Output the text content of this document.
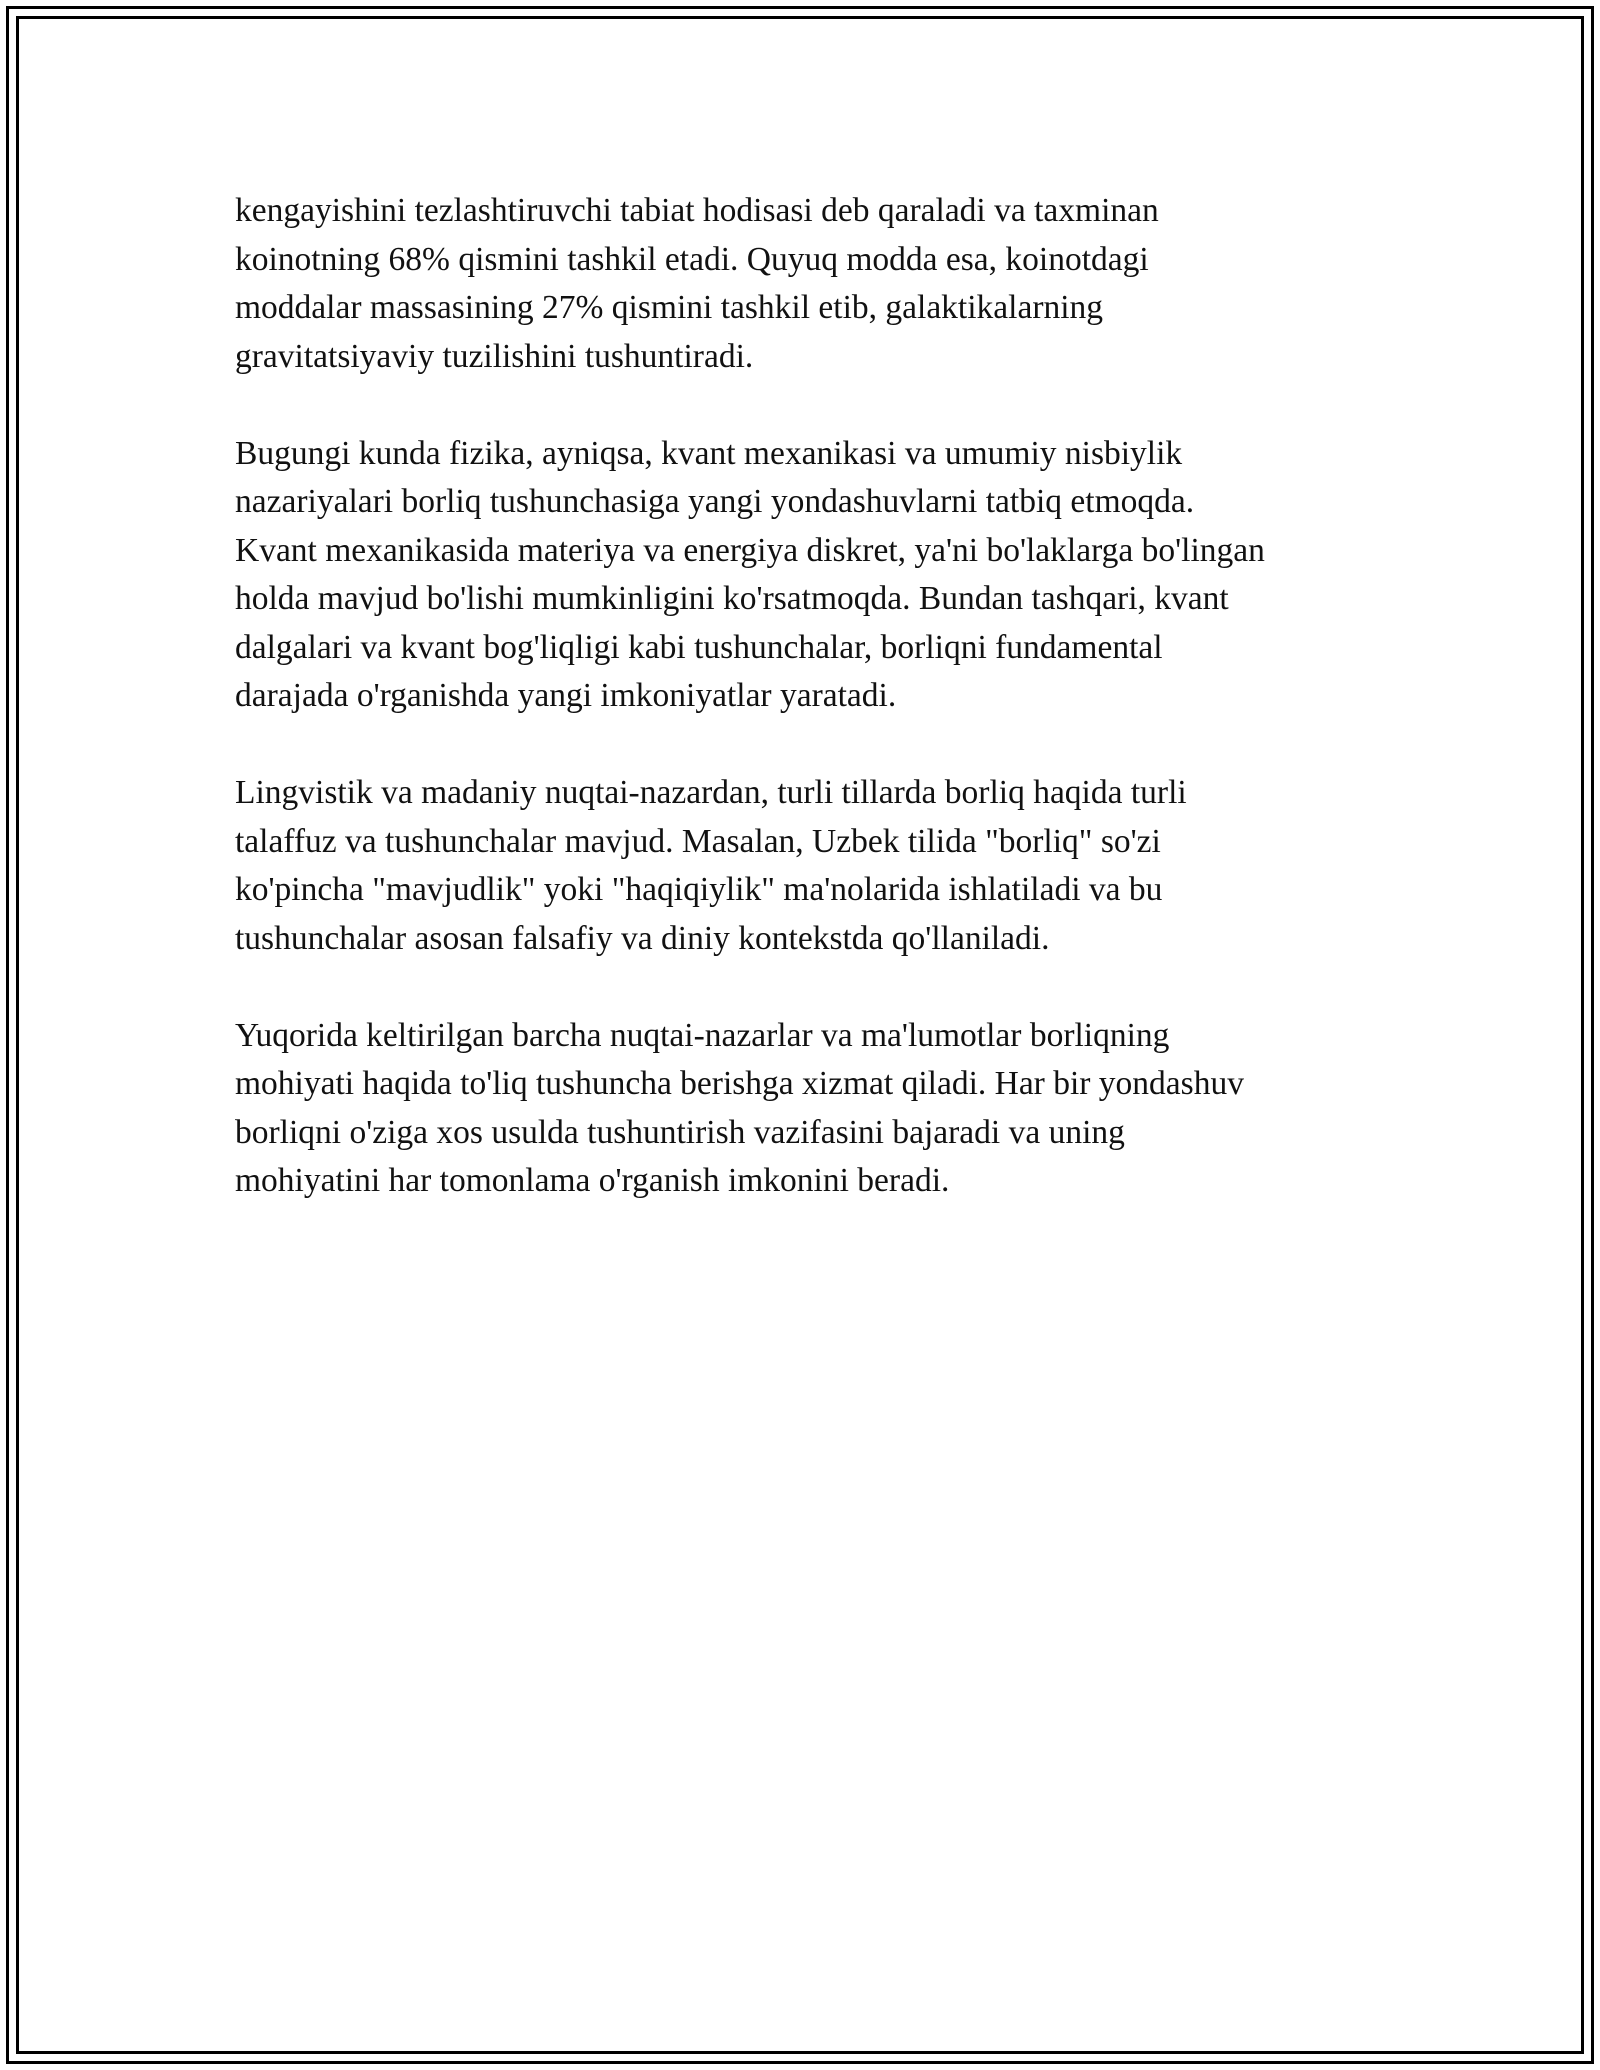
kengayishini tezlashtiruvchi tabiat hodisasi deb qaraladi va taxminan
koinotning 68% qismini tashkil etadi. Quyuq modda esa, koinotdagi
moddalar massasining 27% qismini tashkil etib, galaktikalarning
gravitatsiyaviy tuzilishini tushuntiradi.

Bugungi kunda fizika, ayniqsa, kvant mexanikasi va umumiy nisbiylik
nazariyalari borliq tushunchasiga yangi yondashuvlarni tatbiq etmoqda.
Kvant mexanikasida materiya va energiya diskret, ya'ni bo'laklarga bo'lingan
holda mavjud bo'lishi mumkinligini ko'rsatmoqda. Bundan tashqari, kvant
dalgalari va kvant bog'liqligi kabi tushunchalar, borliqni fundamental
darajada o'rganishda yangi imkoniyatlar yaratadi.

Lingvistik va madaniy nuqtai-nazardan, turli tillarda borliq haqida turli
talaffuz va tushunchalar mavjud. Masalan, Uzbek tilida "borliq" so'zi
ko'pincha "mavjudlik" yoki "haqiqiylik" ma'nolarida ishlatiladi va bu
tushunchalar asosan falsafiy va diniy kontekstda qo'llaniladi.

Yuqorida keltirilgan barcha nuqtai-nazarlar va ma'lumotlar borliqning
mohiyati haqida to'liq tushuncha berishga xizmat qiladi. Har bir yondashuv
borliqni o'ziga xos usulda tushuntirish vazifasini bajaradi va uning
mohiyatini har tomonlama o'rganish imkonini beradi.
